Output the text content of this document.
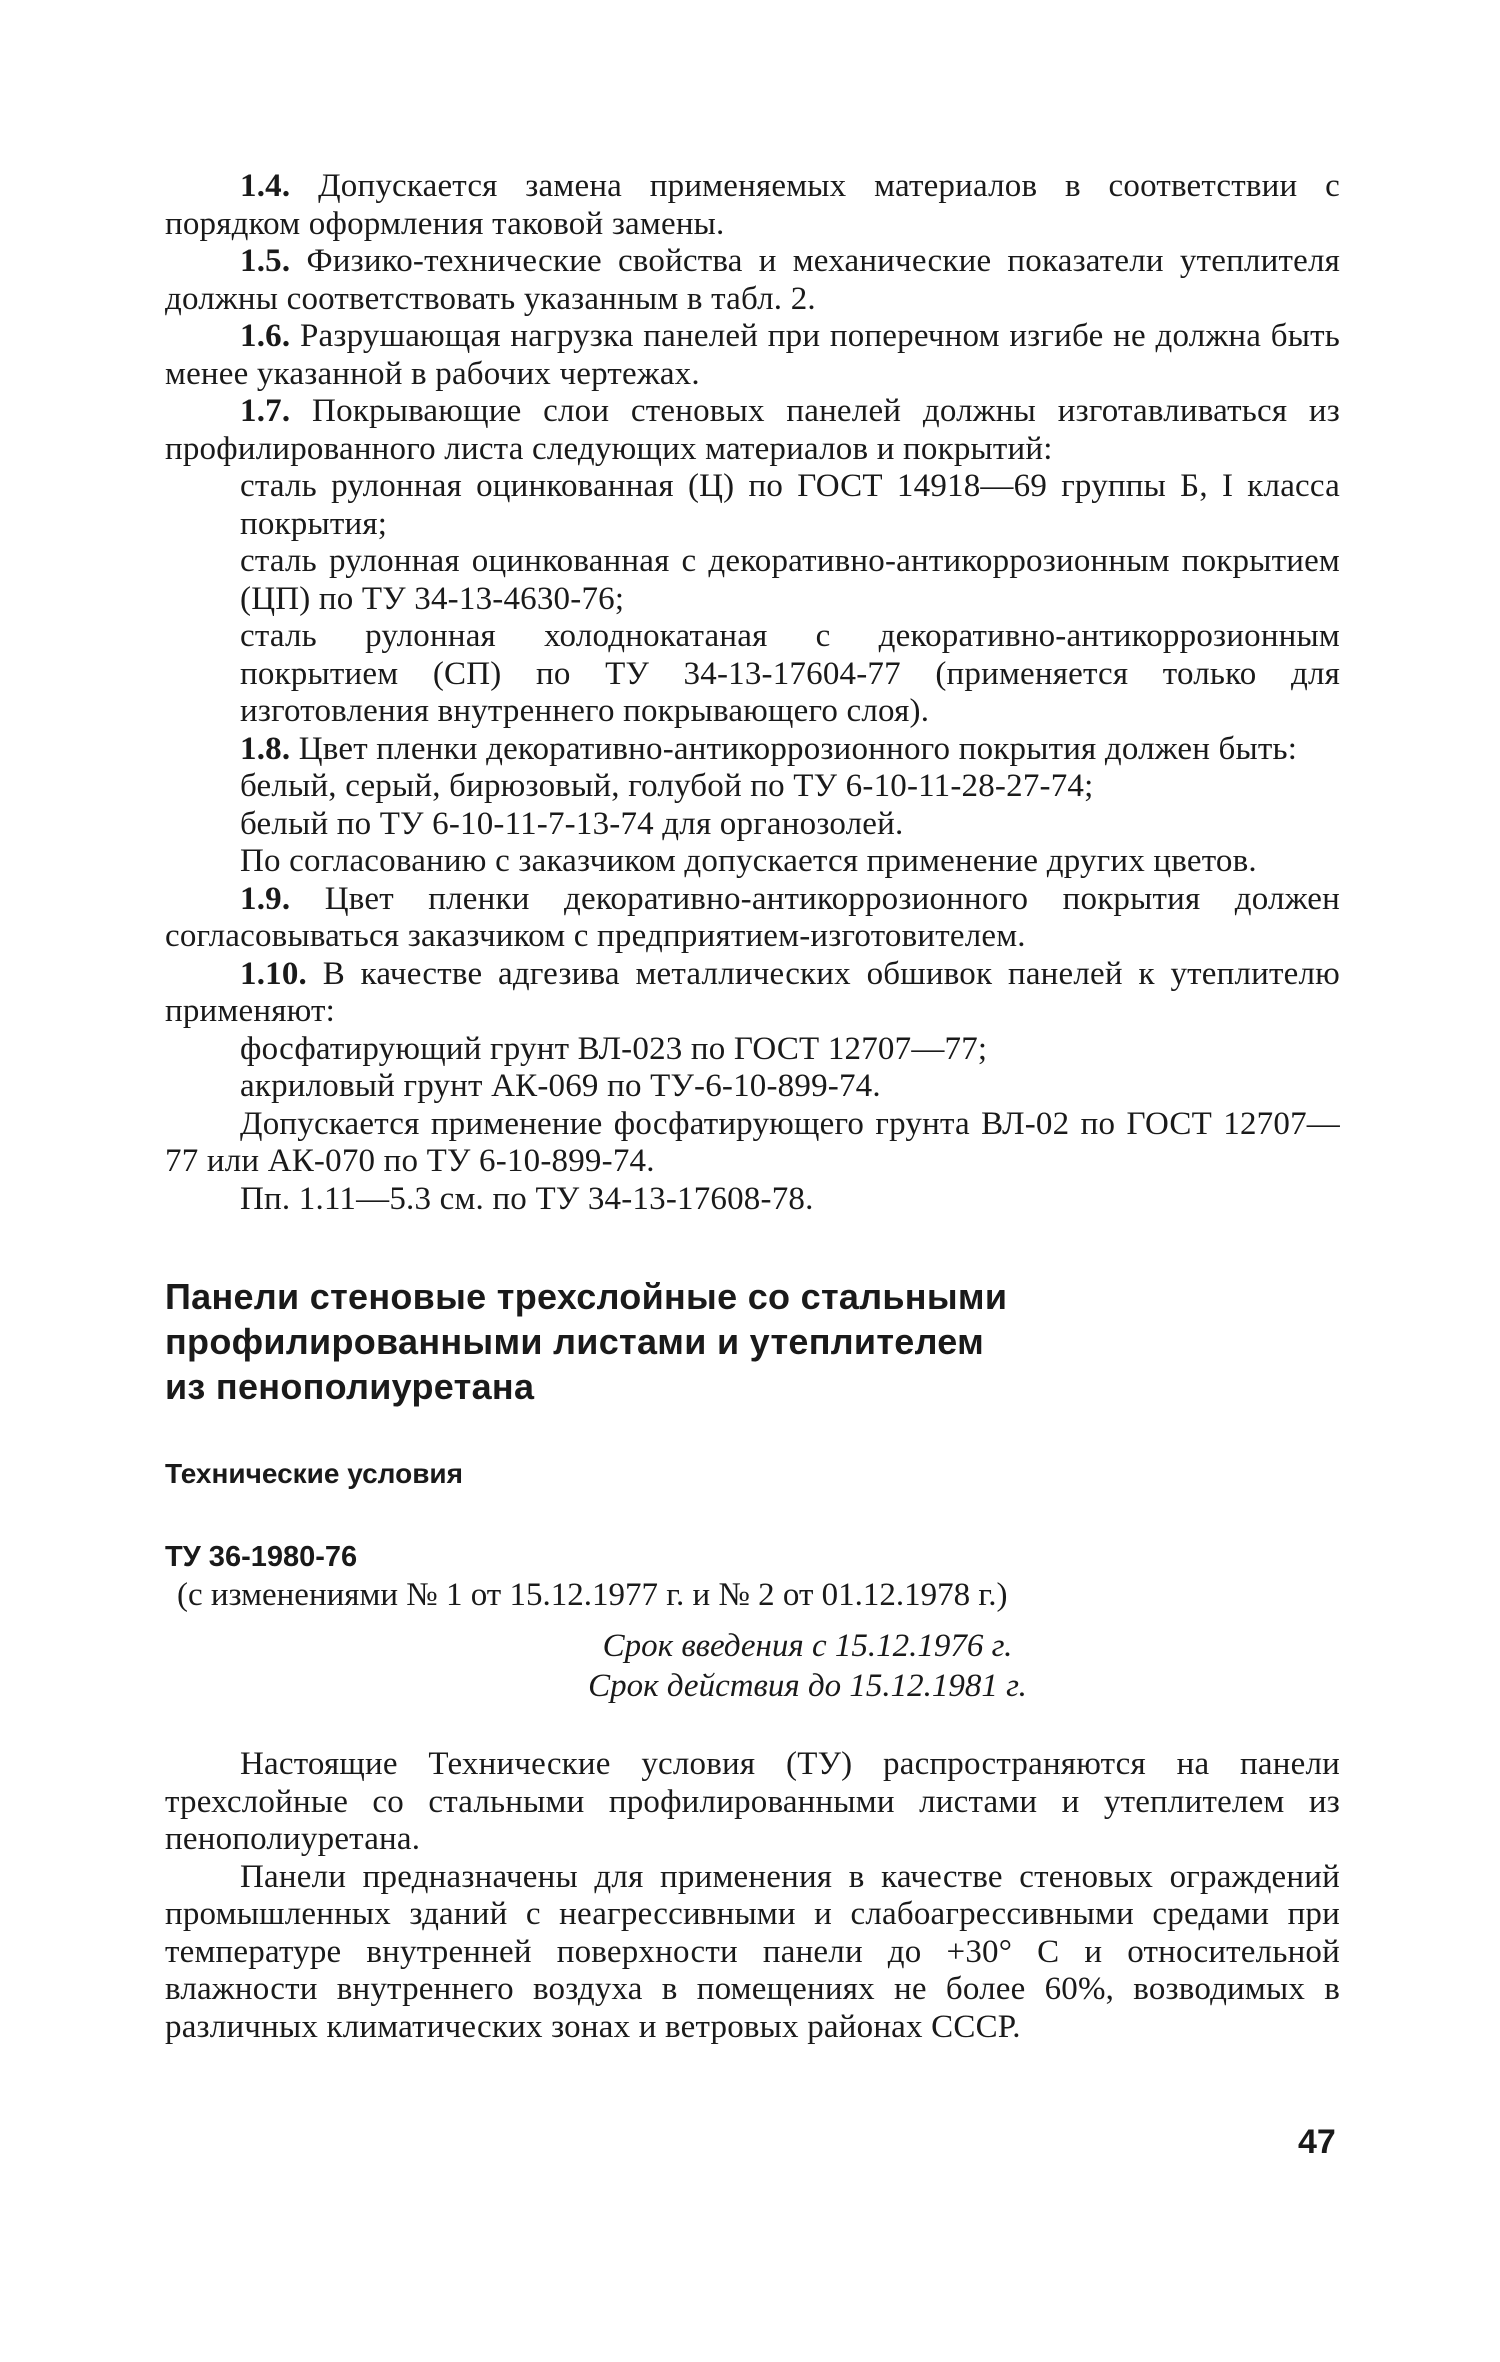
1.4. Допускается замена применяемых материалов в соответствии с порядком оформления таковой замены.

1.5. Физико-технические свойства и механические показатели утеплителя должны соответствовать указанным в табл. 2.

1.6. Разрушающая нагрузка панелей при поперечном изгибе не должна быть менее указанной в рабочих чертежах.

1.7. Покрывающие слои стеновых панелей должны изготавливаться из профилированного листа следующих материалов и покрытий:

сталь рулонная оцинкованная (Ц) по ГОСТ 14918—69 группы Б, I класса покрытия;

сталь рулонная оцинкованная с декоративно-антикоррозионным покрытием (ЦП) по ТУ 34-13-4630-76;

сталь рулонная холоднокатаная с декоративно-антикоррозионным покрытием (СП) по ТУ 34-13-17604-77 (применяется только для изготовления внутреннего покрывающего слоя).

1.8. Цвет пленки декоративно-антикоррозионного покрытия должен быть:

белый, серый, бирюзовый, голубой по ТУ 6-10-11-28-27-74;

белый по ТУ 6-10-11-7-13-74 для органозолей.

По согласованию с заказчиком допускается применение других цветов.

1.9. Цвет пленки декоративно-антикоррозионного покрытия должен согласовываться заказчиком с предприятием-изготовителем.

1.10. В качестве адгезива металлических обшивок панелей к утеплителю применяют:

фосфатирующий грунт ВЛ-023 по ГОСТ 12707—77;

акриловый грунт АК-069 по ТУ-6-10-899-74.

Допускается применение фосфатирующего грунта ВЛ-02 по ГОСТ 12707—77 или АК-070 по ТУ 6-10-899-74.

Пп. 1.11—5.3 см. по ТУ 34-13-17608-78.

Панели стеновые трехслойные со стальными
профилированными листами и утеплителем
из пенополиуретана
Технические условия
ТУ 36-1980-76
(с изменениями № 1 от 15.12.1977 г. и № 2 от 01.12.1978 г.)
Срок введения с 15.12.1976 г.
Срок действия до 15.12.1981 г.

Настоящие Технические условия (ТУ) распространяются на панели трехслойные со стальными профилированными листами и утеплителем из пенополиуретана.

Панели предназначены для применения в качестве стеновых ограждений промышленных зданий с неагрессивными и слабоагрессивными средами при температуре внутренней поверхности панели до +30° С и относительной влажности внутреннего воздуха в помещениях не более 60%, возводимых в различных климатических зонах и ветровых районах СССР.

47
